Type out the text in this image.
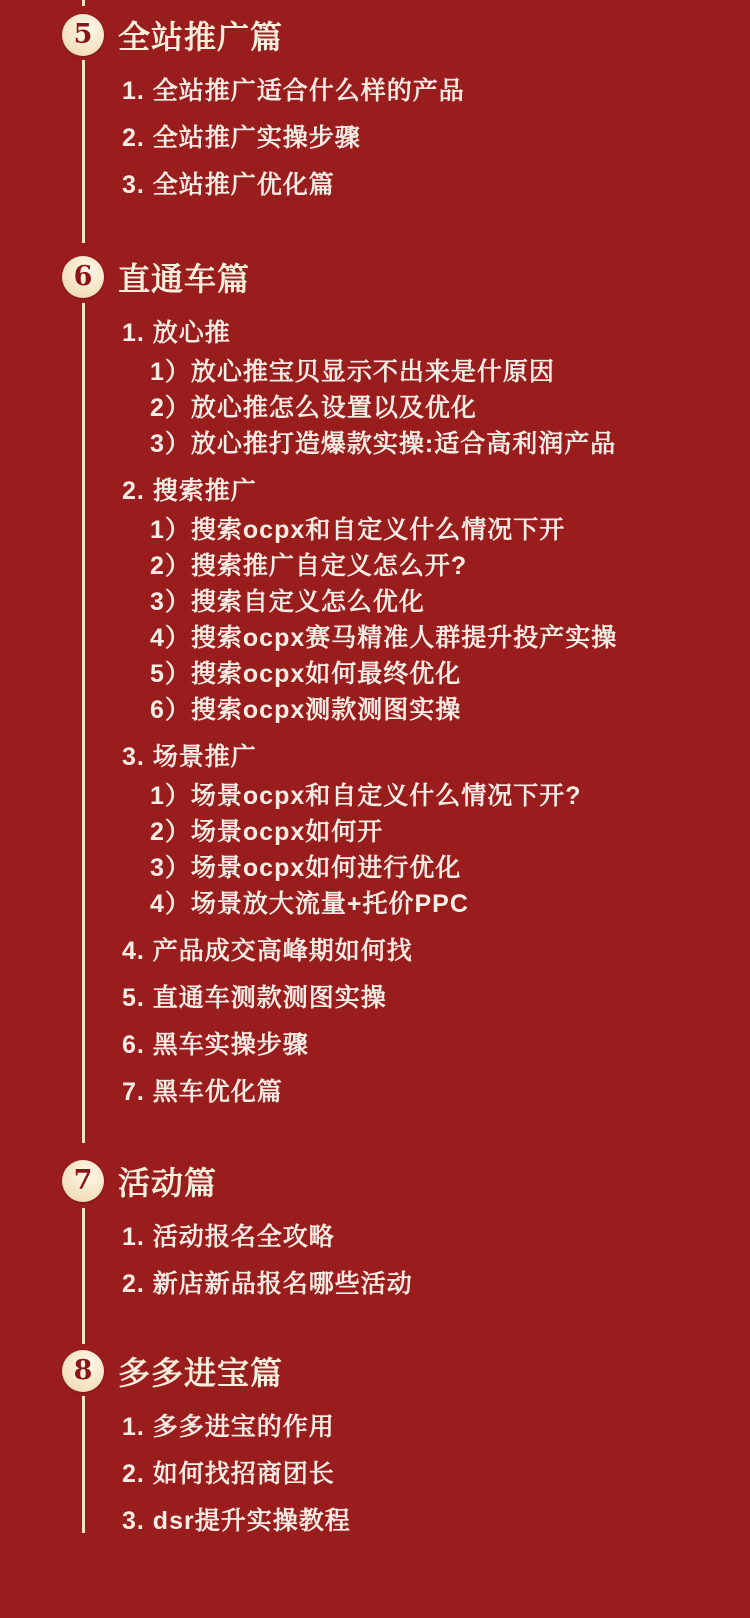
5 全站推广篇
1. 全站推广适合什么样的产品
2. 全站推广实操步骤
3. 全站推广优化篇
6 直通车篇
1. 放心推
1）放心推宝贝显示不出来是什原因
2）放心推怎么设置以及优化
3）放心推打造爆款实操:适合高利润产品
2. 搜索推广
1）搜索ocpx和自定义什么情况下开
2）搜索推广自定义怎么开?
3）搜索自定义怎么优化
4）搜索ocpx赛马精准人群提升投产实操
5）搜索ocpx如何最终优化
6）搜索ocpx测款测图实操
3. 场景推广
1）场景ocpx和自定义什么情况下开?
2）场景ocpx如何开
3）场景ocpx如何进行优化
4）场景放大流量+托价PPC
4. 产品成交高峰期如何找
5. 直通车测款测图实操
6. 黑车实操步骤
7. 黑车优化篇
7 活动篇
1. 活动报名全攻略
2. 新店新品报名哪些活动
8 多多进宝篇
1. 多多进宝的作用
2. 如何找招商团长
3. dsr提升实操教程
